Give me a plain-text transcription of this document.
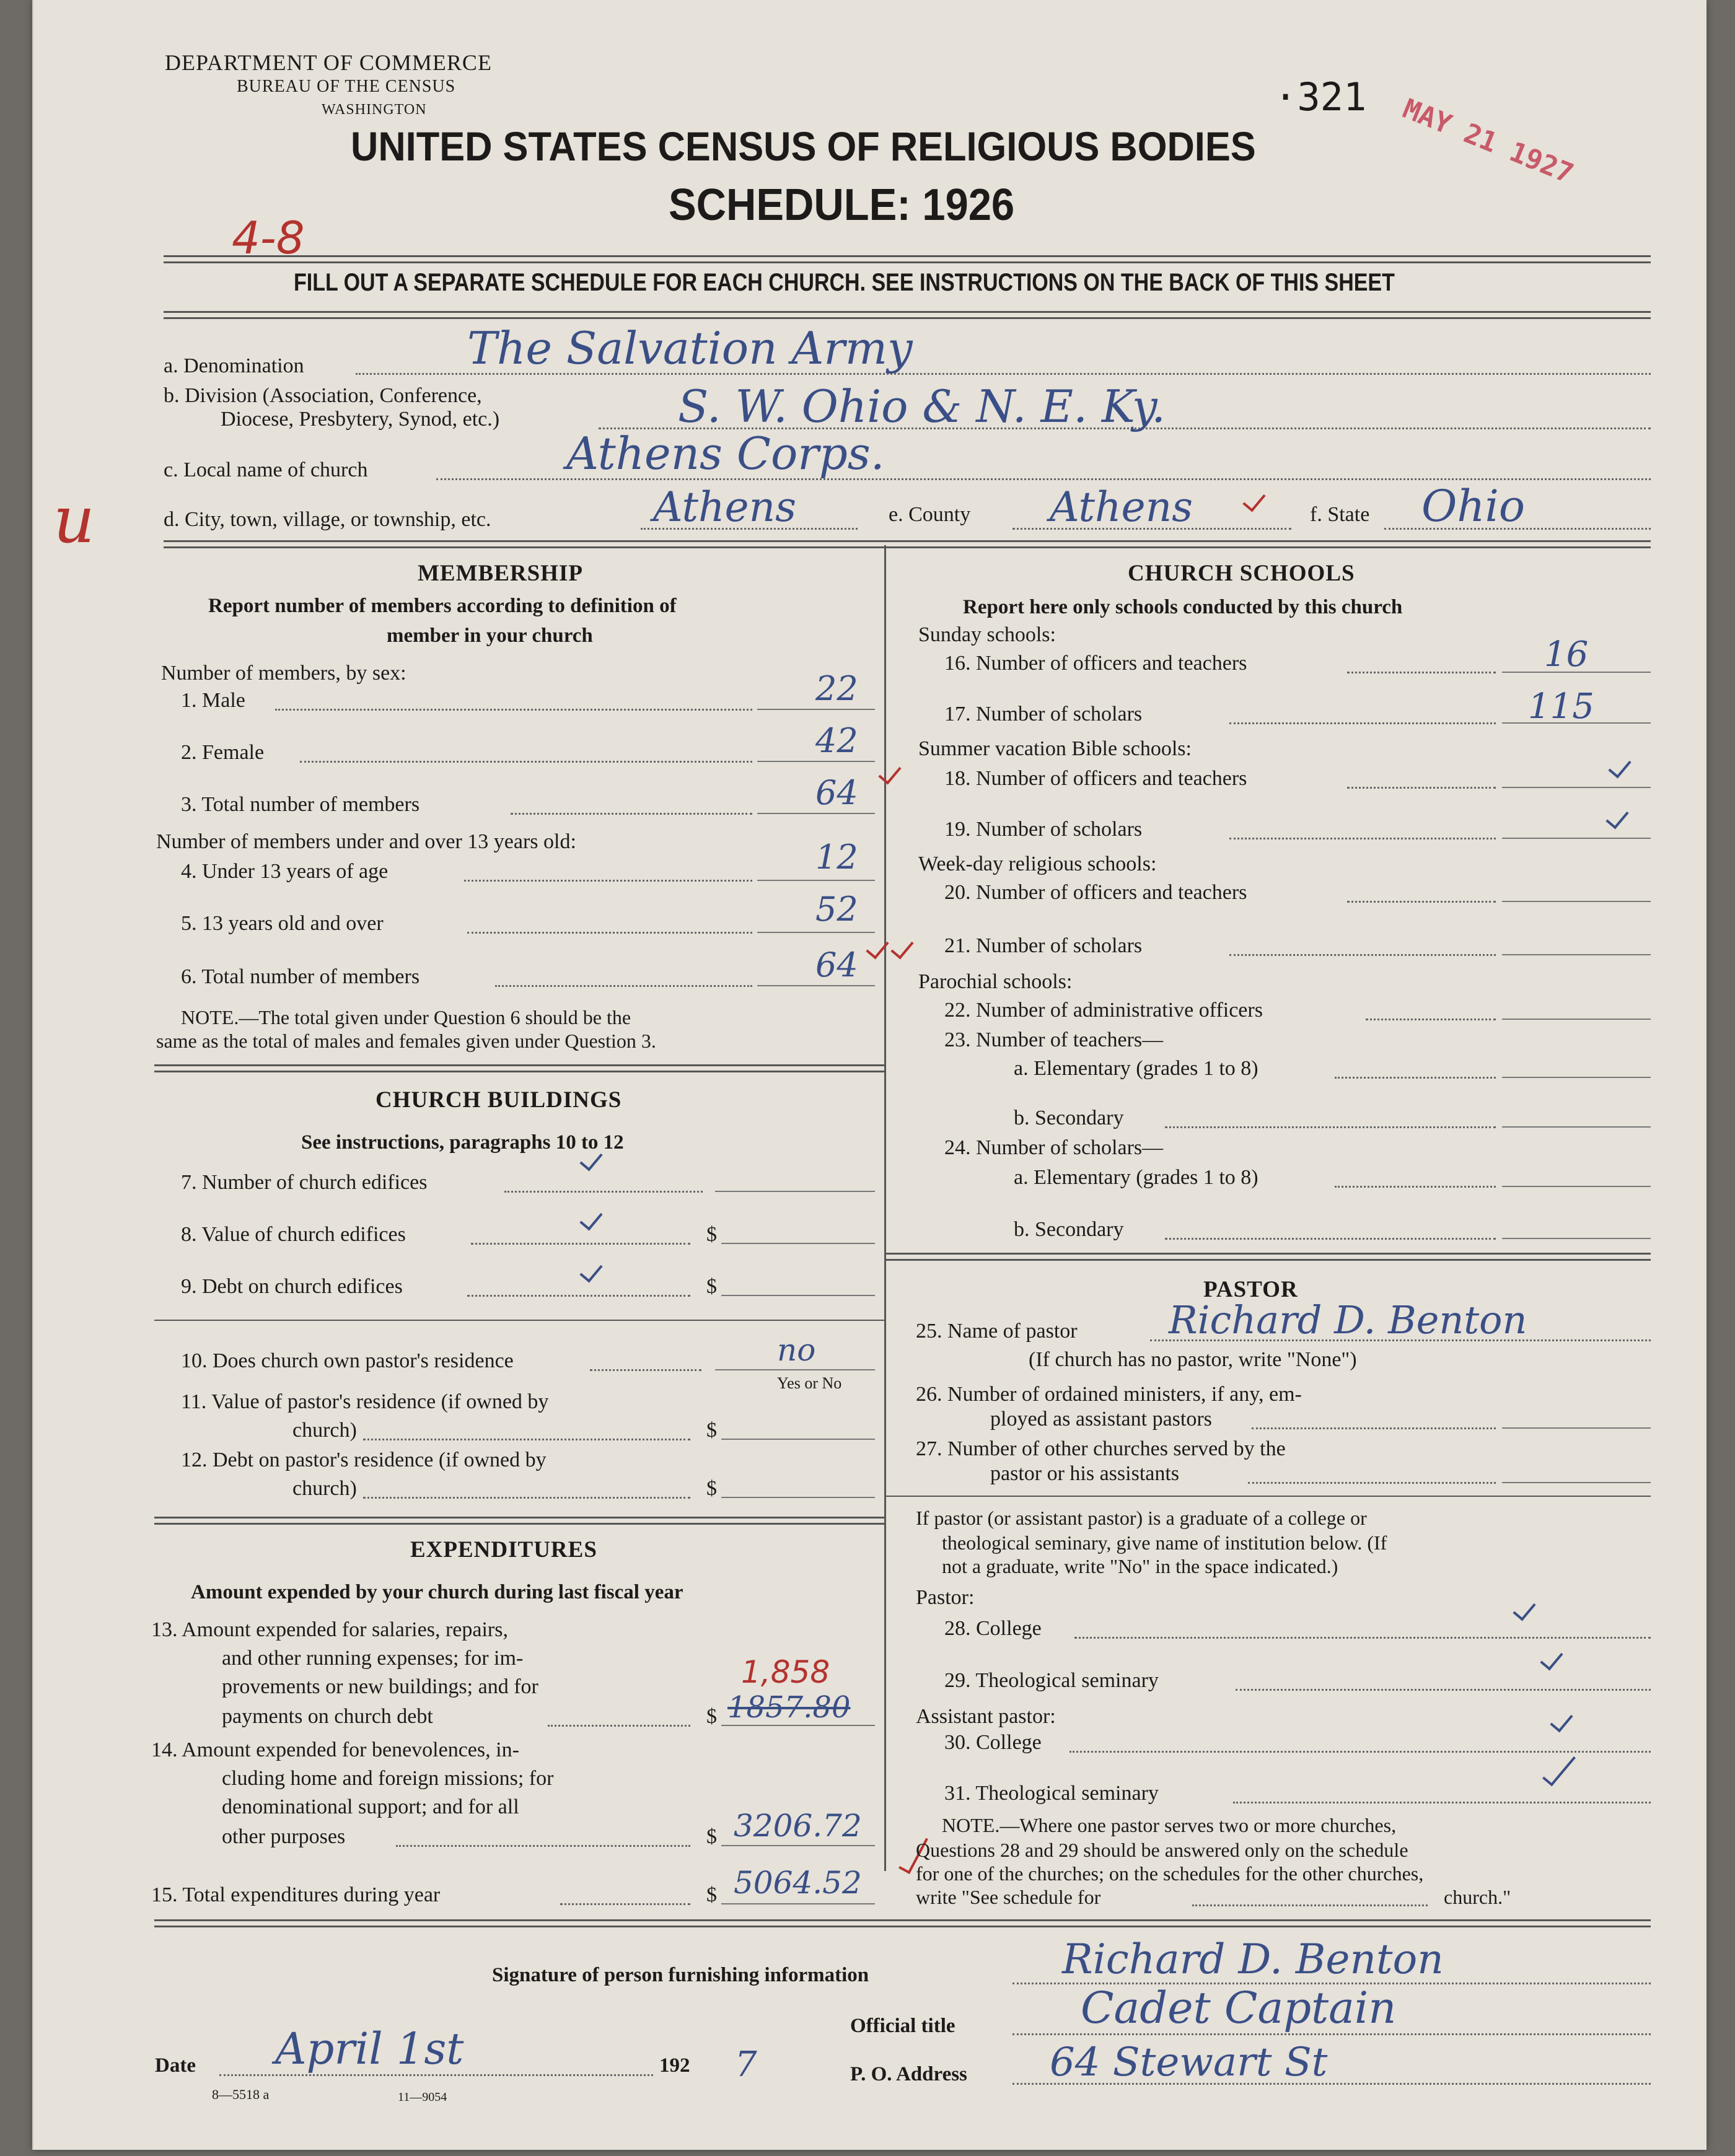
DEPARTMENT OF COMMERCE
BUREAU OF THE CENSUS
WASHINGTON	·321 MAY 21 1927
UNITED STATES CENSUS OF RELIGIOUS BODIES
SCHEDULE: 1926
4-8
u
FILL OUT A SEPARATE SCHEDULE FOR EACH CHURCH. SEE INSTRUCTIONS ON THE BACK OF THIS SHEET
a. Denomination	The Salvation Army
b. Division (Association, Conference,
Diocese, Presbytery, Synod, etc.)	S. W. Ohio & N. E. Ky.
c. Local name of church	Athens Corps.
d. City, town, village, or township, etc.	Athens	e. County Athens	f. State Ohio
MEMBERSHIP
Report number of members according to definition of
member in your church
Number of members, by sex:
1. Male	22
2. Female	42
3. Total number of members	64
Number of members under and over 13 years old:
4. Under 13 years of age	12
5. 13 years old and over	52
6. Total number of members	64
NOTE.—The total given under Question 6 should be the
same as the total of males and females given under Question 3.
CHURCH BUILDINGS
See instructions, paragraphs 10 to 12
7. Number of church edifices
8. Value of church edifices	$
9. Debt on church edifices	$
10. Does church own pastor's residence	no
Yes or No
11. Value of pastor's residence (if owned by
church)	$
12. Debt on pastor's residence (if owned by
church)	$
EXPENDITURES
Amount expended by your church during last fiscal year
13. Amount expended for salaries, repairs,
and other running expenses; for im-
provements or new buildings; and for
payments on church debt	$
1,858
1857.80
14. Amount expended for benevolences, in-
cluding home and foreign missions; for
denominational support; and for all
other purposes	$ 3206.72
15. Total expenditures during year	$ 5064.52
CHURCH SCHOOLS
Report here only schools conducted by this church
Sunday schools:
16. Number of officers and teachers	16
17. Number of scholars	115
Summer vacation Bible schools:
18. Number of officers and teachers
19. Number of scholars
Week-day religious schools:
20. Number of officers and teachers
21. Number of scholars
Parochial schools:
22. Number of administrative officers
23. Number of teachers—
a. Elementary (grades 1 to 8)
b. Secondary
24. Number of scholars—
a. Elementary (grades 1 to 8)
b. Secondary
PASTOR
25. Name of pastor Richard D. Benton
(If church has no pastor, write "None")
26. Number of ordained ministers, if any, em-
ployed as assistant pastors
27. Number of other churches served by the
pastor or his assistants
If pastor (or assistant pastor) is a graduate of a college or
theological seminary, give name of institution below. (If
not a graduate, write "No" in the space indicated.)
Pastor:
28. College
29. Theological seminary
Assistant pastor:
30. College
31. Theological seminary
NOTE.—Where one pastor serves two or more churches,
Questions 28 and 29 should be answered only on the schedule
for one of the churches; on the schedules for the other churches,
write "See schedule for	church."
Signature of person furnishing information	Richard D. Benton
Official title	Cadet Captain
Date April 1st	192 7	P. O. Address 64 Stewart St
8—5518 a	11—9054
